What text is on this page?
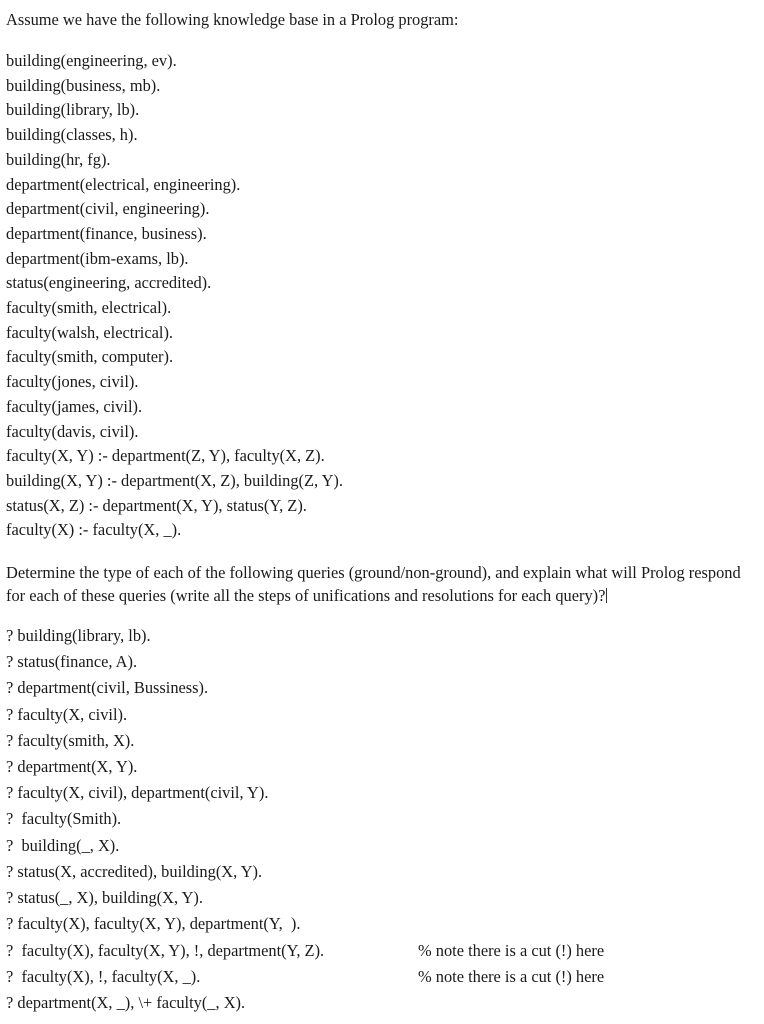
Assume we have the following knowledge base in a Prolog program:
building(engineering, ev).
building(business, mb).
building(library, lb).
building(classes, h).
building(hr, fg).
department(electrical, engineering).
department(civil, engineering).
department(finance, business).
department(ibm-exams, lb).
status(engineering, accredited).
faculty(smith, electrical).
faculty(walsh, electrical).
faculty(smith, computer).
faculty(jones, civil).
faculty(james, civil).
faculty(davis, civil).
faculty(X, Y) :- department(Z, Y), faculty(X, Z).
building(X, Y) :- department(X, Z), building(Z, Y).
status(X, Z) :- department(X, Y), status(Y, Z).
faculty(X) :- faculty(X, _).
Determine the type of each of the following queries (ground/non-ground), and explain what will Prolog respond for each of these queries (write all the steps of unifications and resolutions for each query)?
? building(library, lb).
? status(finance, A).
? department(civil, Bussiness).
? faculty(X, civil).
? faculty(smith, X).
? department(X, Y).
? faculty(X, civil), department(civil, Y).
?  faculty(Smith).
?  building(_, X).
? status(X, accredited), building(X, Y).
? status(_, X), building(X, Y).
? faculty(X), faculty(X, Y), department(Y,  ).
?  faculty(X), faculty(X, Y), !, department(Y, Z).	% note there is a cut (!) here
?  faculty(X), !, faculty(X, _).	% note there is a cut (!) here
? department(X, _), \+ faculty(_, X).
